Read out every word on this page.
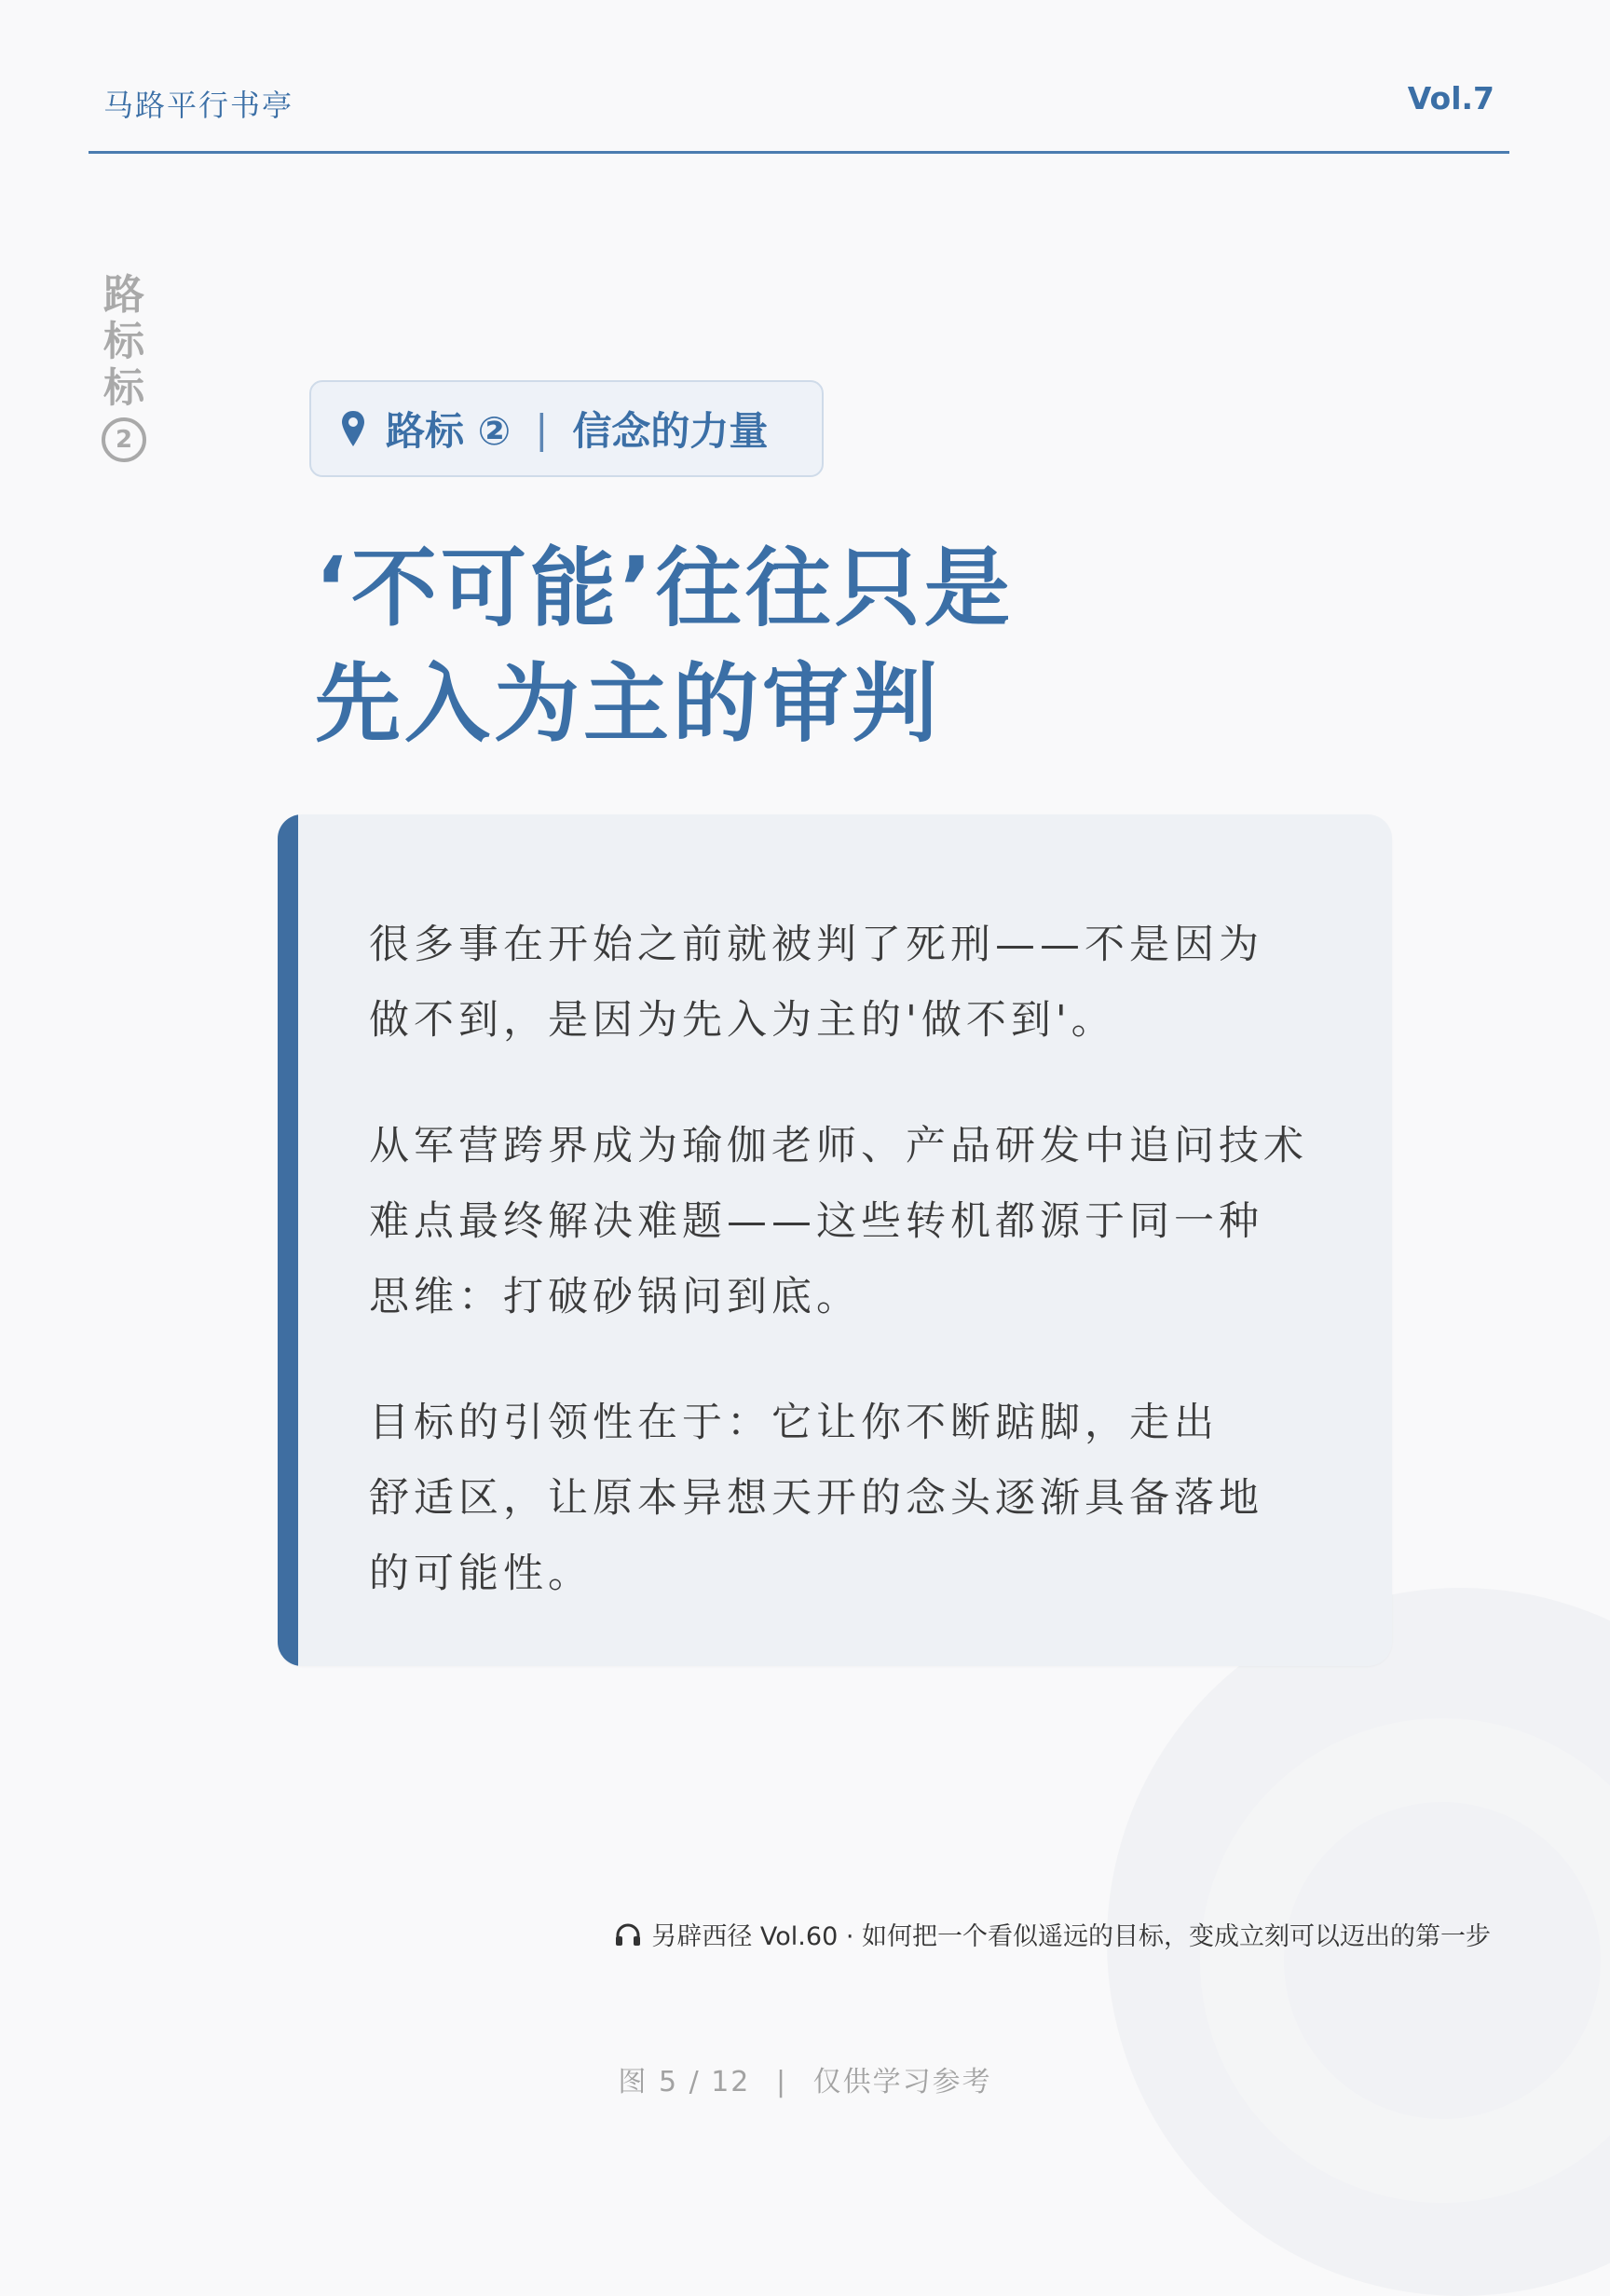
马路平行书亭	Vol.7
路
标
标
2	路标 ② | 信念的力量
‘不可能’往往只是
先入为主的审判

很多事在开始之前就被判了死刑——不是因为
做不到，是因为先入为主的'做不到'。

从军营跨界成为瑜伽老师、产品研发中追问技术
难点最终解决难题——这些转机都源于同一种
思维：打破砂锅问到底。

目标的引领性在于：它让你不断踮脚，走出
舒适区，让原本异想天开的念头逐渐具备落地
的可能性。

另辟西径 Vol.60 · 如何把一个看似遥远的目标，变成立刻可以迈出的第一步
图 5 / 12 | 仅供学习参考
